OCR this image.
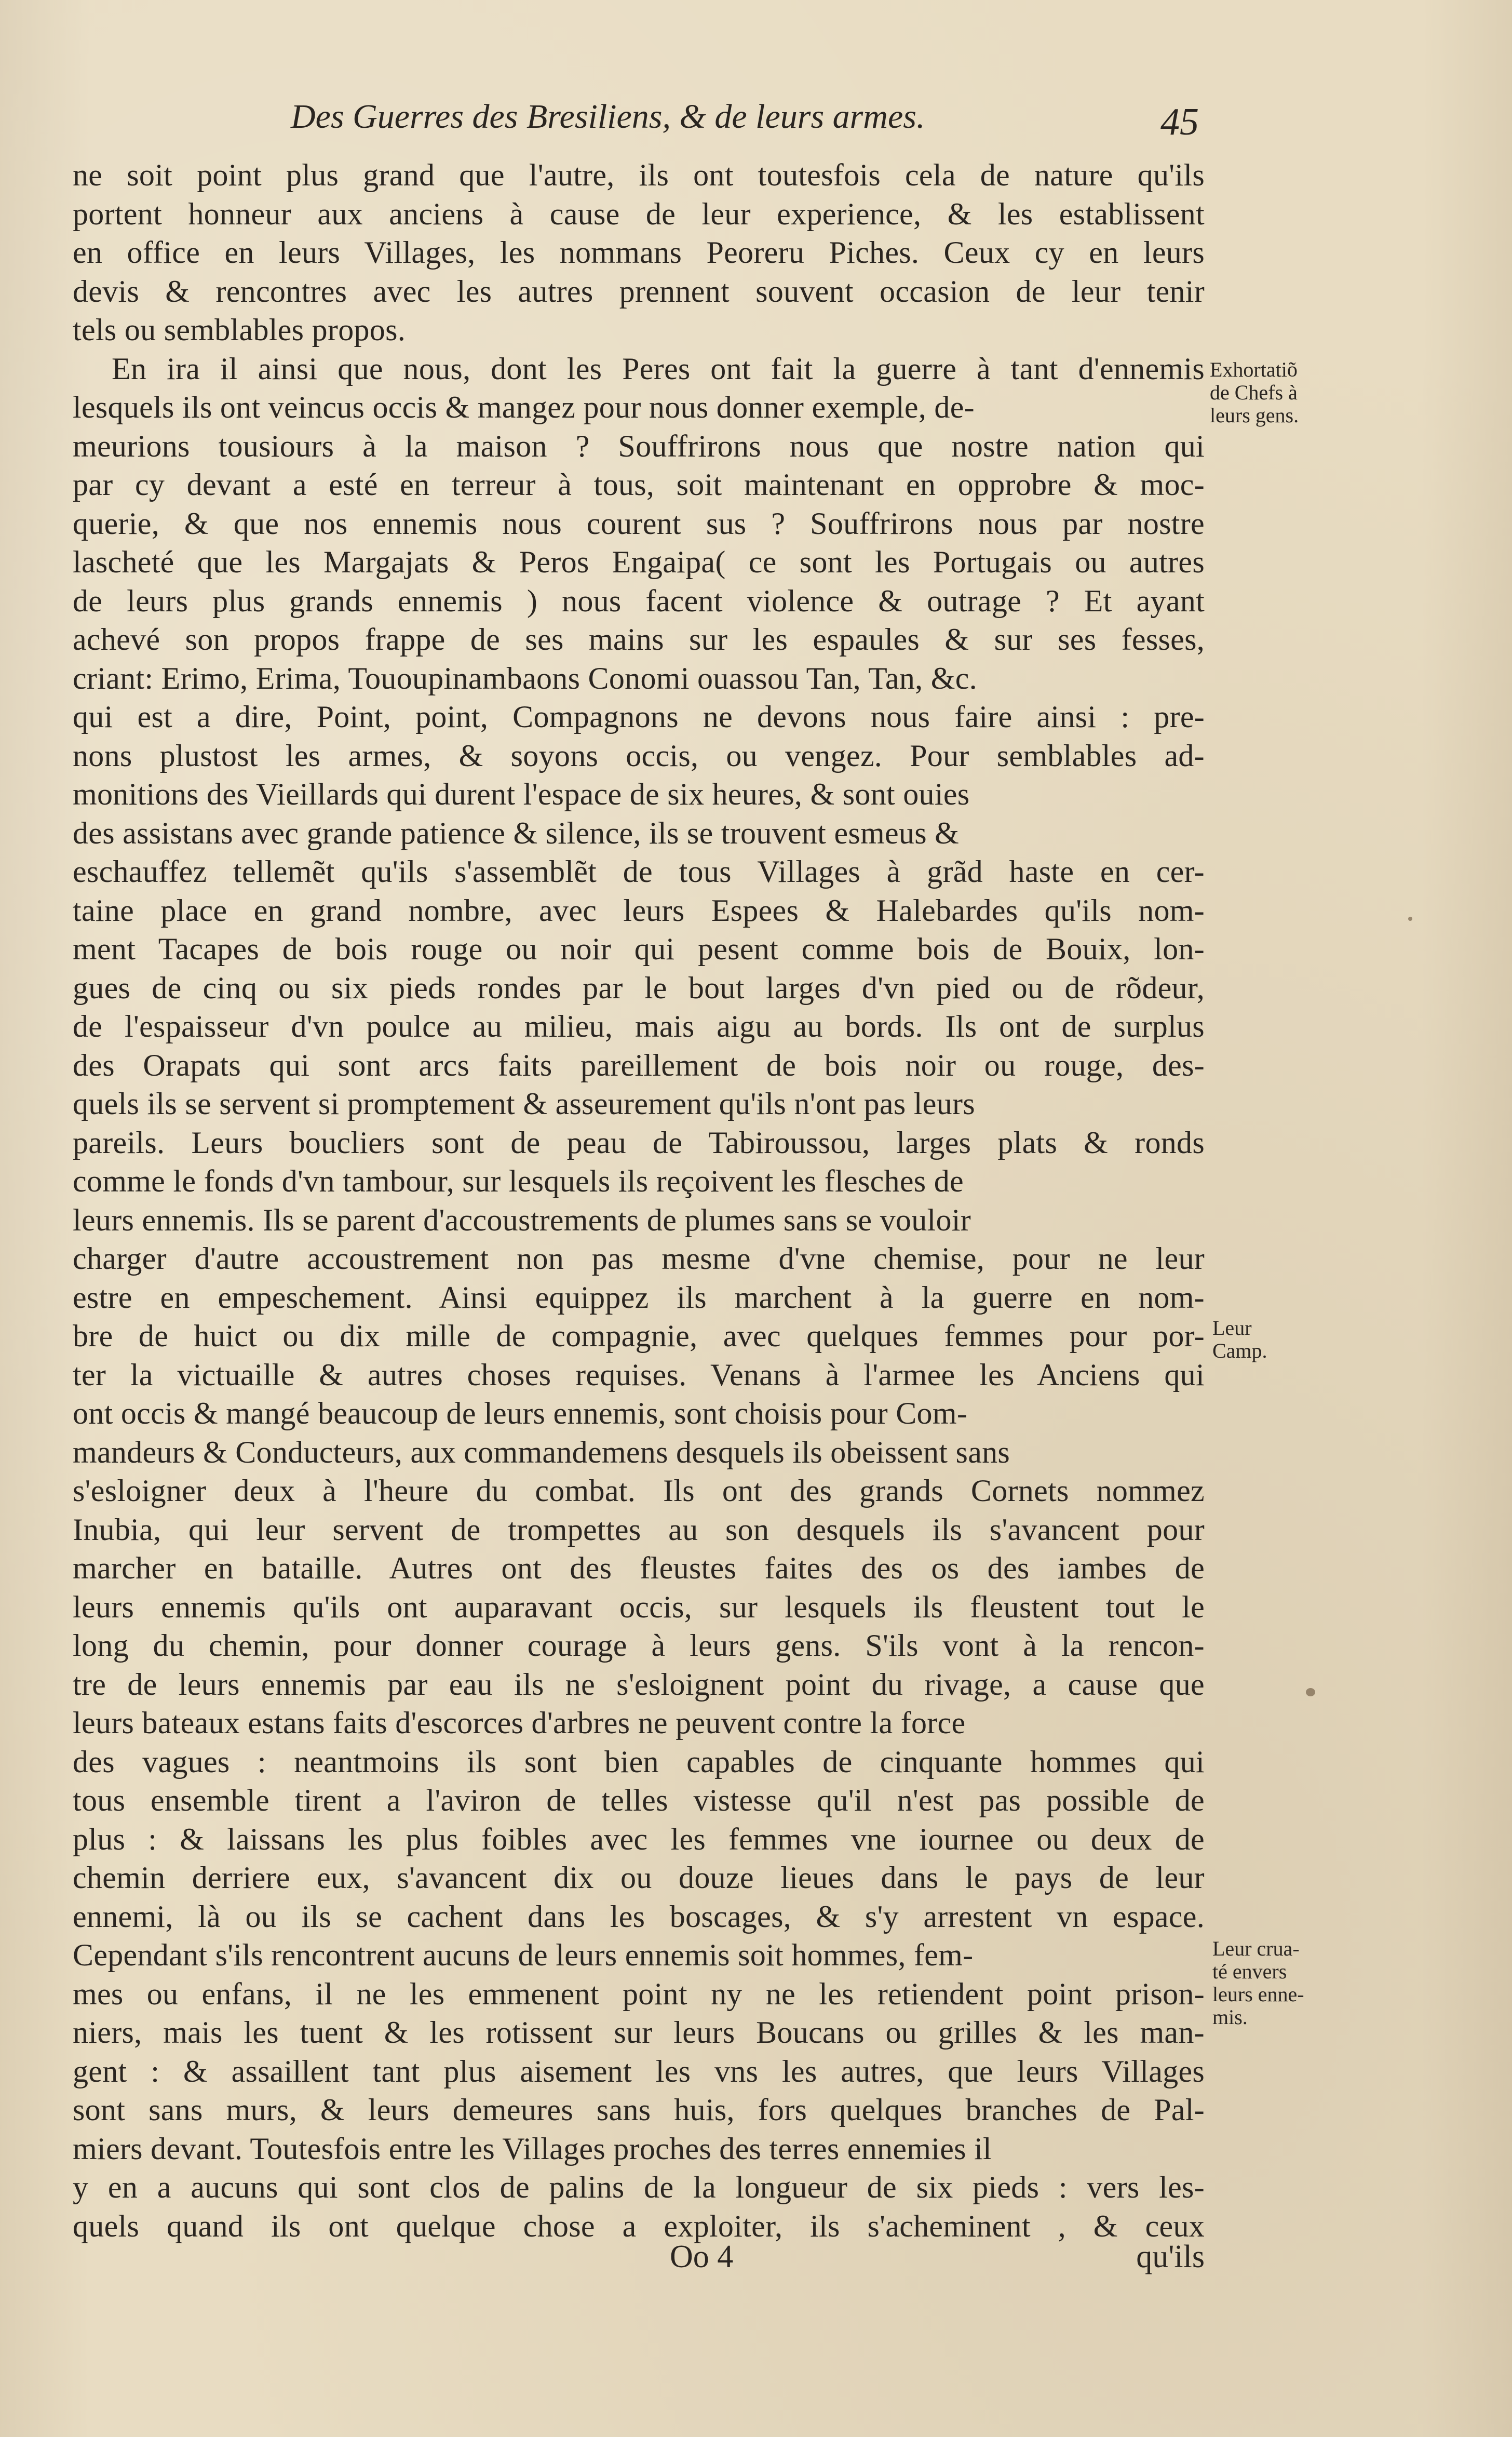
Des Guerres des Bresiliens, & de leurs armes.	45
ne soit point plus grand que l'autre, ils ont toutesfois cela de nature qu'ils
portent honneur aux anciens à cause de leur experience, & les establissent
en office en leurs Villages, les nommans Peoreru Piches. Ceux cy en leurs
devis & rencontres avec les autres prennent souvent occasion de leur tenir
tels ou semblables propos.
En ira il ainsi que nous, dont les Peres ont fait la guerre à tant d'ennemis
lesquels ils ont veincus occis & mangez pour nous donner exemple, de-
meurions tousiours à la maison ? Souffrirons nous que nostre nation qui
par cy devant a esté en terreur à tous, soit maintenant en opprobre & moc-
querie, & que nos ennemis nous courent sus ? Souffrirons nous par nostre
lascheté que les Margajats & Peros Engaipa( ce sont les Portugais ou autres
de leurs plus grands ennemis ) nous facent violence & outrage ? Et ayant
achevé son propos frappe de ses mains sur les espaules & sur ses fesses,
criant: Erimo, Erima, Tououpinambaons Conomi ouassou Tan, Tan, &c.
qui est a dire, Point, point, Compagnons ne devons nous faire ainsi : pre-
nons plustost les armes, & soyons occis, ou vengez. Pour semblables ad-
monitions des Vieillards qui durent l'espace de six heures, & sont ouies
des assistans avec grande patience & silence, ils se trouvent esmeus &
eschauffez tellemẽt qu'ils s'assemblẽt de tous Villages à grãd haste en cer-
taine place en grand nombre, avec leurs Espees & Halebardes qu'ils nom-
ment Tacapes de bois rouge ou noir qui pesent comme bois de Bouix, lon-
gues de cinq ou six pieds rondes par le bout larges d'vn pied ou de rõdeur,
de l'espaisseur d'vn poulce au milieu, mais aigu au bords. Ils ont de surplus
des Orapats qui sont arcs faits pareillement de bois noir ou rouge, des-
quels ils se servent si promptement & asseurement qu'ils n'ont pas leurs
pareils. Leurs boucliers sont de peau de Tabiroussou, larges plats & ronds
comme le fonds d'vn tambour, sur lesquels ils reçoivent les flesches de
leurs ennemis. Ils se parent d'accoustrements de plumes sans se vouloir
charger d'autre accoustrement non pas mesme d'vne chemise, pour ne leur
estre en empeschement. Ainsi equippez ils marchent à la guerre en nom-
bre de huict ou dix mille de compagnie, avec quelques femmes pour por-
ter la victuaille & autres choses requises. Venans à l'armee les Anciens qui
ont occis & mangé beaucoup de leurs ennemis, sont choisis pour Com-
mandeurs & Conducteurs, aux commandemens desquels ils obeissent sans
s'esloigner deux à l'heure du combat. Ils ont des grands Cornets nommez
Inubia, qui leur servent de trompettes au son desquels ils s'avancent pour
marcher en bataille. Autres ont des fleustes faites des os des iambes de
leurs ennemis qu'ils ont auparavant occis, sur lesquels ils fleustent tout le
long du chemin, pour donner courage à leurs gens. S'ils vont à la rencon-
tre de leurs ennemis par eau ils ne s'esloignent point du rivage, a cause que
leurs bateaux estans faits d'escorces d'arbres ne peuvent contre la force
des vagues : neantmoins ils sont bien capables de cinquante hommes qui
tous ensemble tirent a l'aviron de telles vistesse qu'il n'est pas possible de
plus : & laissans les plus foibles avec les femmes vne iournee ou deux de
chemin derriere eux, s'avancent dix ou douze lieues dans le pays de leur
ennemi, là ou ils se cachent dans les boscages, & s'y arrestent vn espace.
Cependant s'ils rencontrent aucuns de leurs ennemis soit hommes, fem-
mes ou enfans, il ne les emmenent point ny ne les retiendent point prison-
niers, mais les tuent & les rotissent sur leurs Boucans ou grilles & les man-
gent : & assaillent tant plus aisement les vns les autres, que leurs Villages
sont sans murs, & leurs demeures sans huis, fors quelques branches de Pal-
miers devant. Toutesfois entre les Villages proches des terres ennemies il
y en a aucuns qui sont clos de palins de la longueur de six pieds : vers les-
quels quand ils ont quelque chose a exploiter, ils s'acheminent , & ceux
Exhortatiõ
de Chefs à
leurs gens.
Leur
Camp.
Leur crua-
té envers
leurs enne-
mis.
Oo 4	qu'ils
